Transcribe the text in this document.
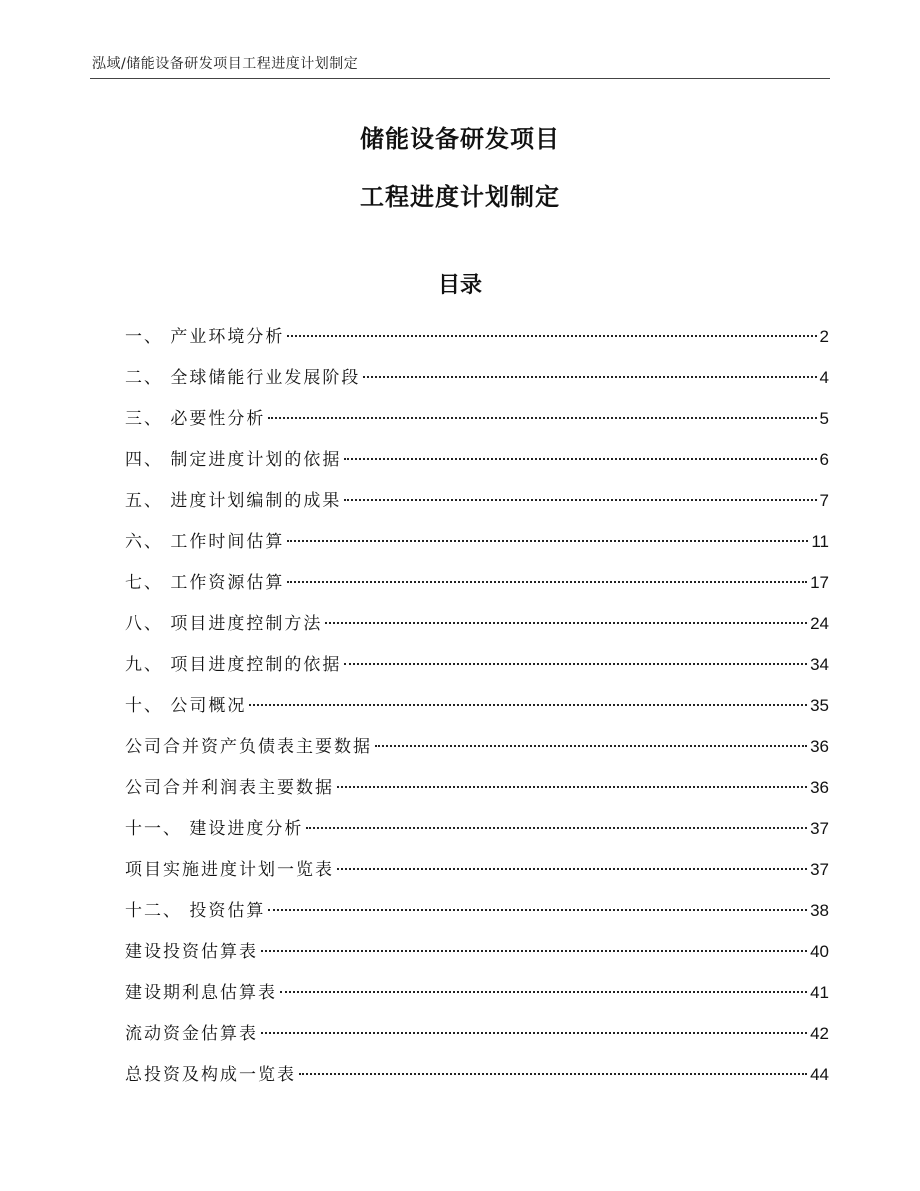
泓域/储能设备研发项目工程进度计划制定
储能设备研发项目
工程进度计划制定
目录
一、 产业环境分析	2
二、 全球储能行业发展阶段	4
三、 必要性分析	5
四、 制定进度计划的依据	6
五、 进度计划编制的成果	7
六、 工作时间估算	11
七、 工作资源估算	17
八、 项目进度控制方法	24
九、 项目进度控制的依据	34
十、 公司概况	35
公司合并资产负债表主要数据	36
公司合并利润表主要数据	36
十一、 建设进度分析	37
项目实施进度计划一览表	37
十二、 投资估算	38
建设投资估算表	40
建设期利息估算表	41
流动资金估算表	42
总投资及构成一览表	44
